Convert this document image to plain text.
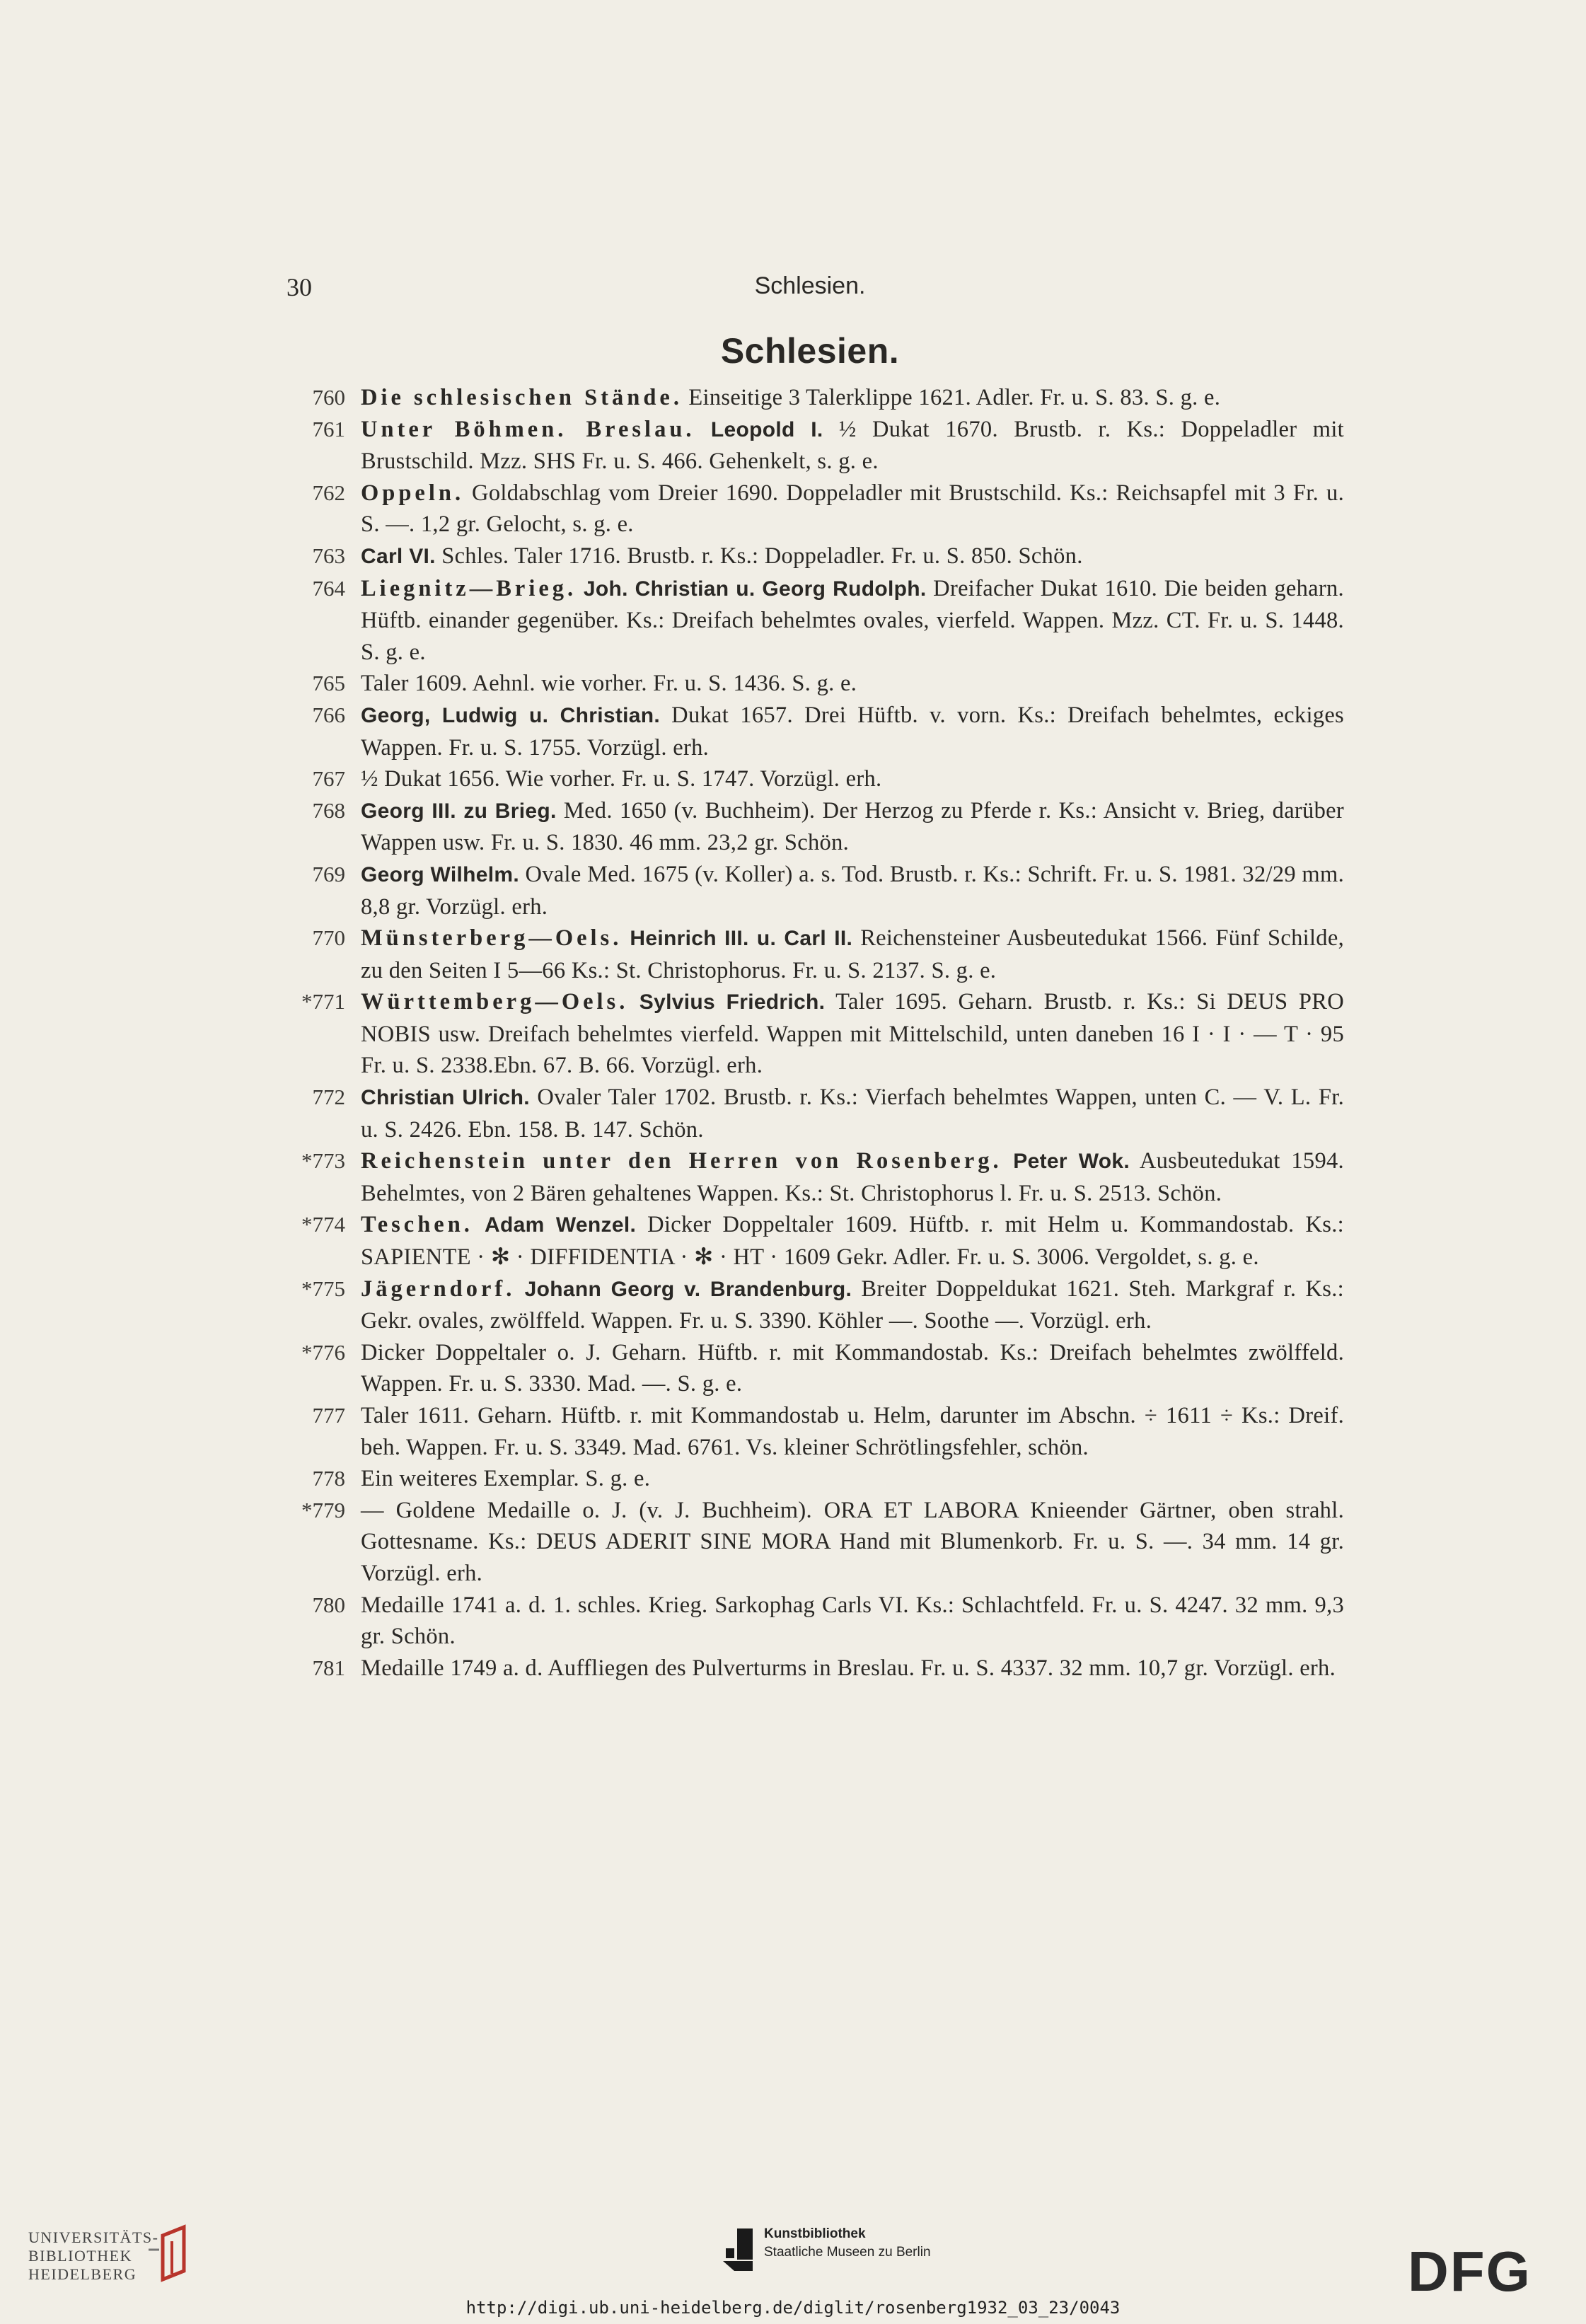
30	Schlesien.
Schlesien.
760 Die schlesischen Stände. Einseitige 3 Talerklippe 1621. Adler. Fr. u. S. 83. S. g. e.
761 Unter Böhmen. Breslau. Leopold I. ½ Dukat 1670. Brustb. r. Ks.: Doppeladler mit Brustschild. Mzz. SHS Fr. u. S. 466. Gehenkelt, s. g. e.
762 Oppeln. Goldabschlag vom Dreier 1690. Doppeladler mit Brustschild. Ks.: Reichsapfel mit 3 Fr. u. S. —. 1,2 gr. Gelocht, s. g. e.
763 Carl VI. Schles. Taler 1716. Brustb. r. Ks.: Doppeladler. Fr. u. S. 850. Schön.
764 Liegnitz—Brieg. Joh. Christian u. Georg Rudolph. Dreifacher Dukat 1610. Die beiden geharn. Hüftb. einander gegenüber. Ks.: Dreifach behelmtes ovales, vierfeld. Wappen. Mzz. CT. Fr. u. S. 1448. S. g. e.
765 Taler 1609. Aehnl. wie vorher. Fr. u. S. 1436. S. g. e.
766 Georg, Ludwig u. Christian. Dukat 1657. Drei Hüftb. v. vorn. Ks.: Dreifach behelmtes, eckiges Wappen. Fr. u. S. 1755. Vorzügl. erh.
767 ½ Dukat 1656. Wie vorher. Fr. u. S. 1747. Vorzügl. erh.
768 Georg III. zu Brieg. Med. 1650 (v. Buchheim). Der Herzog zu Pferde r. Ks.: Ansicht v. Brieg, darüber Wappen usw. Fr. u. S. 1830. 46 mm. 23,2 gr. Schön.
769 Georg Wilhelm. Ovale Med. 1675 (v. Koller) a. s. Tod. Brustb. r. Ks.: Schrift. Fr. u. S. 1981. 32/29 mm. 8,8 gr. Vorzügl. erh.
770 Münsterberg—Oels. Heinrich III. u. Carl II. Reichensteiner Ausbeutedukat 1566. Fünf Schilde, zu den Seiten I 5—66 Ks.: St. Christophorus. Fr. u. S. 2137. S. g. e.
*771 Württemberg—Oels. Sylvius Friedrich. Taler 1695. Geharn. Brustb. r. Ks.: Si DEUS PRO NOBIS usw. Dreifach behelmtes vierfeld. Wappen mit Mittelschild, unten daneben 16 I · I · — T · 95 Fr. u. S. 2338.Ebn. 67. B. 66. Vorzügl. erh.
772 Christian Ulrich. Ovaler Taler 1702. Brustb. r. Ks.: Vierfach behelmtes Wappen, unten C. — V. L. Fr. u. S. 2426. Ebn. 158. B. 147. Schön.
*773 Reichenstein unter den Herren von Rosenberg. Peter Wok. Ausbeutedukat 1594. Behelmtes, von 2 Bären gehaltenes Wappen. Ks.: St. Christophorus l. Fr. u. S. 2513. Schön.
*774 Teschen. Adam Wenzel. Dicker Doppeltaler 1609. Hüftb. r. mit Helm u. Kommandostab. Ks.: SAPIENTE · ✻ · DIFFIDENTIA · ✻ · HT · 1609 Gekr. Adler. Fr. u. S. 3006. Vergoldet, s. g. e.
*775 Jägerndorf. Johann Georg v. Brandenburg. Breiter Doppeldukat 1621. Steh. Markgraf r. Ks.: Gekr. ovales, zwölffeld. Wappen. Fr. u. S. 3390. Köhler —. Soothe —. Vorzügl. erh.
*776 Dicker Doppeltaler o. J. Geharn. Hüftb. r. mit Kommandostab. Ks.: Dreifach behelmtes zwölffeld. Wappen. Fr. u. S. 3330. Mad. —. S. g. e.
777 Taler 1611. Geharn. Hüftb. r. mit Kommandostab u. Helm, darunter im Abschn. ÷ 1611 ÷ Ks.: Dreif. beh. Wappen. Fr. u. S. 3349. Mad. 6761. Vs. kleiner Schrötlingsfehler, schön.
778 Ein weiteres Exemplar. S. g. e.
*779 — Goldene Medaille o. J. (v. J. Buchheim). ORA ET LABORA Knieender Gärtner, oben strahl. Gottesname. Ks.: DEUS ADERIT SINE MORA Hand mit Blumenkorb. Fr. u. S. —. 34 mm. 14 gr. Vorzügl. erh.
780 Medaille 1741 a. d. 1. schles. Krieg. Sarkophag Carls VI. Ks.: Schlachtfeld. Fr. u. S. 4247. 32 mm. 9,3 gr. Schön.
781 Medaille 1749 a. d. Auffliegen des Pulverturms in Breslau. Fr. u. S. 4337. 32 mm. 10,7 gr. Vorzügl. erh.
UNIVERSITÄTS-
BIBLIOTHEK
HEIDELBERG
Kunstbibliothek
Staatliche Museen zu Berlin	DFG
http://digi.ub.uni-heidelberg.de/diglit/rosenberg1932_03_23/0043
